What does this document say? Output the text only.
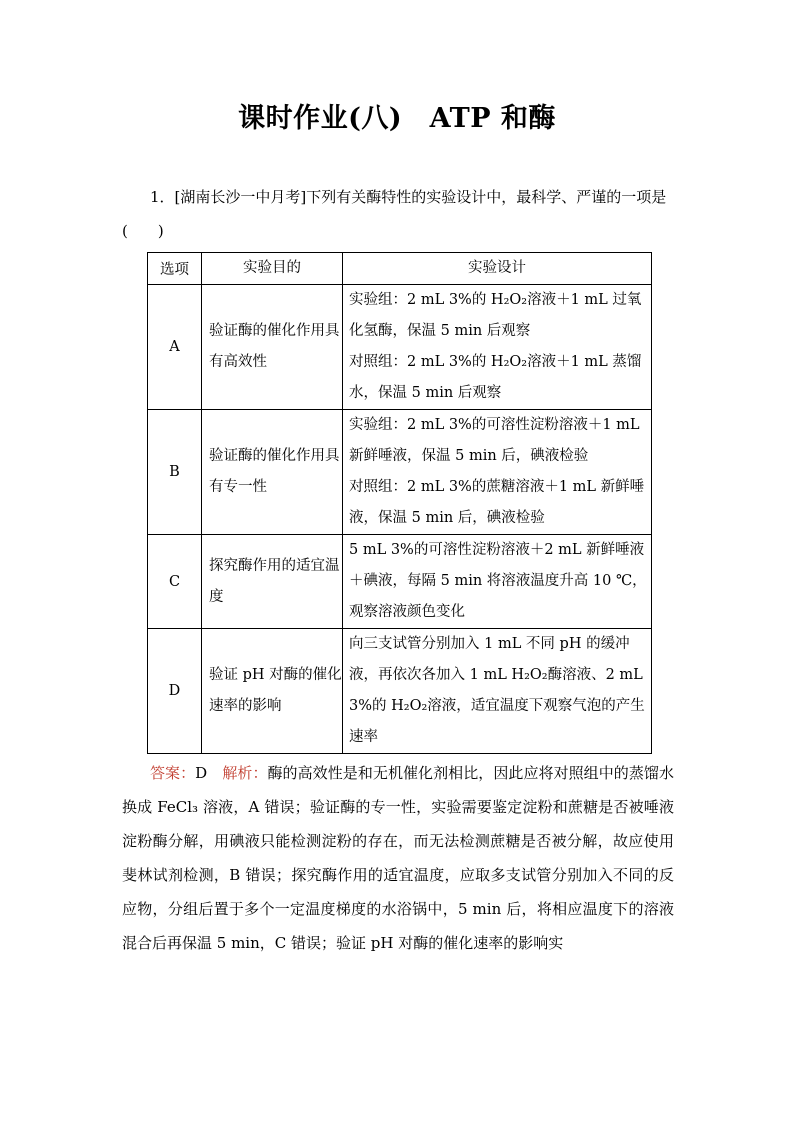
课时作业(八)　ATP 和酶
1．[湖南长沙一中月考]下列有关酶特性的实验设计中，最科学、严谨的一项是(　　)
选项	实验目的	实验设计
A	验证酶的催化作用具有高效性	实验组：2 mL 3%的 H₂O₂溶液＋1 mL 过氧化氢酶，保温 5 min 后观察
对照组：2 mL 3%的 H₂O₂溶液＋1 mL 蒸馏水，保温 5 min 后观察
B	验证酶的催化作用具有专一性	实验组：2 mL 3%的可溶性淀粉溶液＋1 mL 新鲜唾液，保温 5 min 后，碘液检验
对照组：2 mL 3%的蔗糖溶液＋1 mL 新鲜唾液，保温 5 min 后，碘液检验
C	探究酶作用的适宜温度	5 mL 3%的可溶性淀粉溶液＋2 mL 新鲜唾液＋碘液，每隔 5 min 将溶液温度升高 10 ℃，观察溶液颜色变化
D	验证 pH 对酶的催化速率的影响	向三支试管分别加入 1 mL 不同 pH 的缓冲液，再依次各加入 1 mL H₂O₂酶溶液、2 mL 3%的 H₂O₂溶液，适宜温度下观察气泡的产生速率
答案：D　 解析：酶的高效性是和无机催化剂相比，因此应将对照组中的蒸馏水换成 FeCl₃ 溶液，A 错误；验证酶的专一性，实验需要鉴定淀粉和蔗糖是否被唾液淀粉酶分解，用碘液只能检测淀粉的存在，而无法检测蔗糖是否被分解，故应使用斐林试剂检测，B 错误；探究酶作用的适宜温度，应取多支试管分别加入不同的反应物，分组后置于多个一定温度梯度的水浴锅中，5 min 后，将相应温度下的溶液混合后再保温 5 min，C 错误；验证 pH 对酶的催化速率的影响实
